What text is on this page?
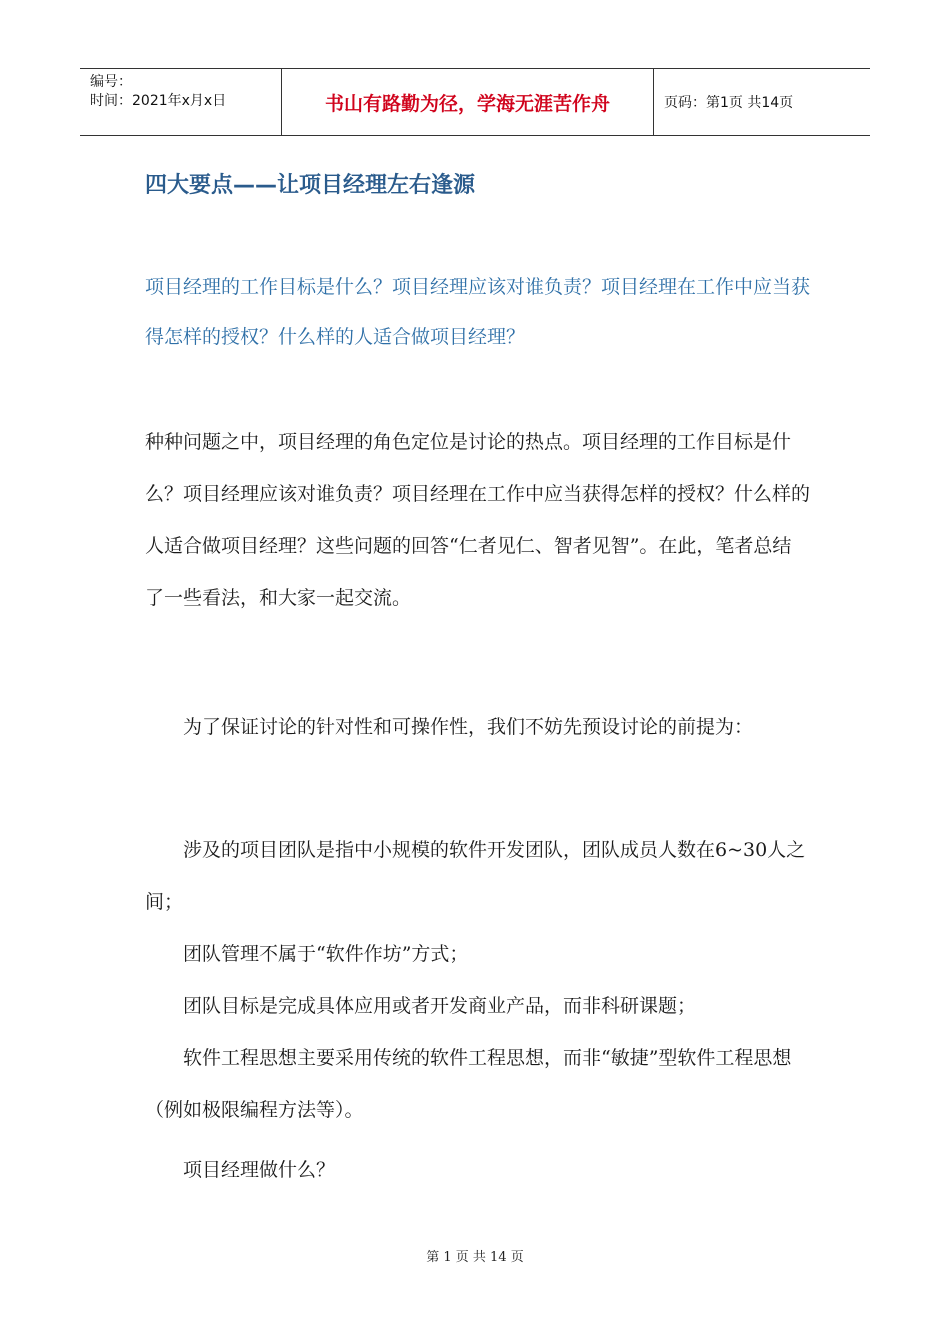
编号：
时间：2021年x月x日	书山有路勤为径，学海无涯苦作舟	页码：第1页 共14页
四大要点——让项目经理左右逢源
项目经理的工作目标是什么？项目经理应该对谁负责？项目经理在工作中应当获得怎样的授权？什么样的人适合做项目经理？

种种问题之中，项目经理的角色定位是讨论的热点。项目经理的工作目标是什么？项目经理应该对谁负责？项目经理在工作中应当获得怎样的授权？什么样的人适合做项目经理？这些问题的回答“仁者见仁、智者见智”。在此，笔者总结了一些看法，和大家一起交流。

为了保证讨论的针对性和可操作性，我们不妨先预设讨论的前提为：

涉及的项目团队是指中小规模的软件开发团队，团队成员人数在6~30人之间；

团队管理不属于“软件作坊”方式；

团队目标是完成具体应用或者开发商业产品，而非科研课题；

软件工程思想主要采用传统的软件工程思想，而非“敏捷”型软件工程思想（例如极限编程方法等）。

项目经理做什么？

第 1 页 共 14 页
